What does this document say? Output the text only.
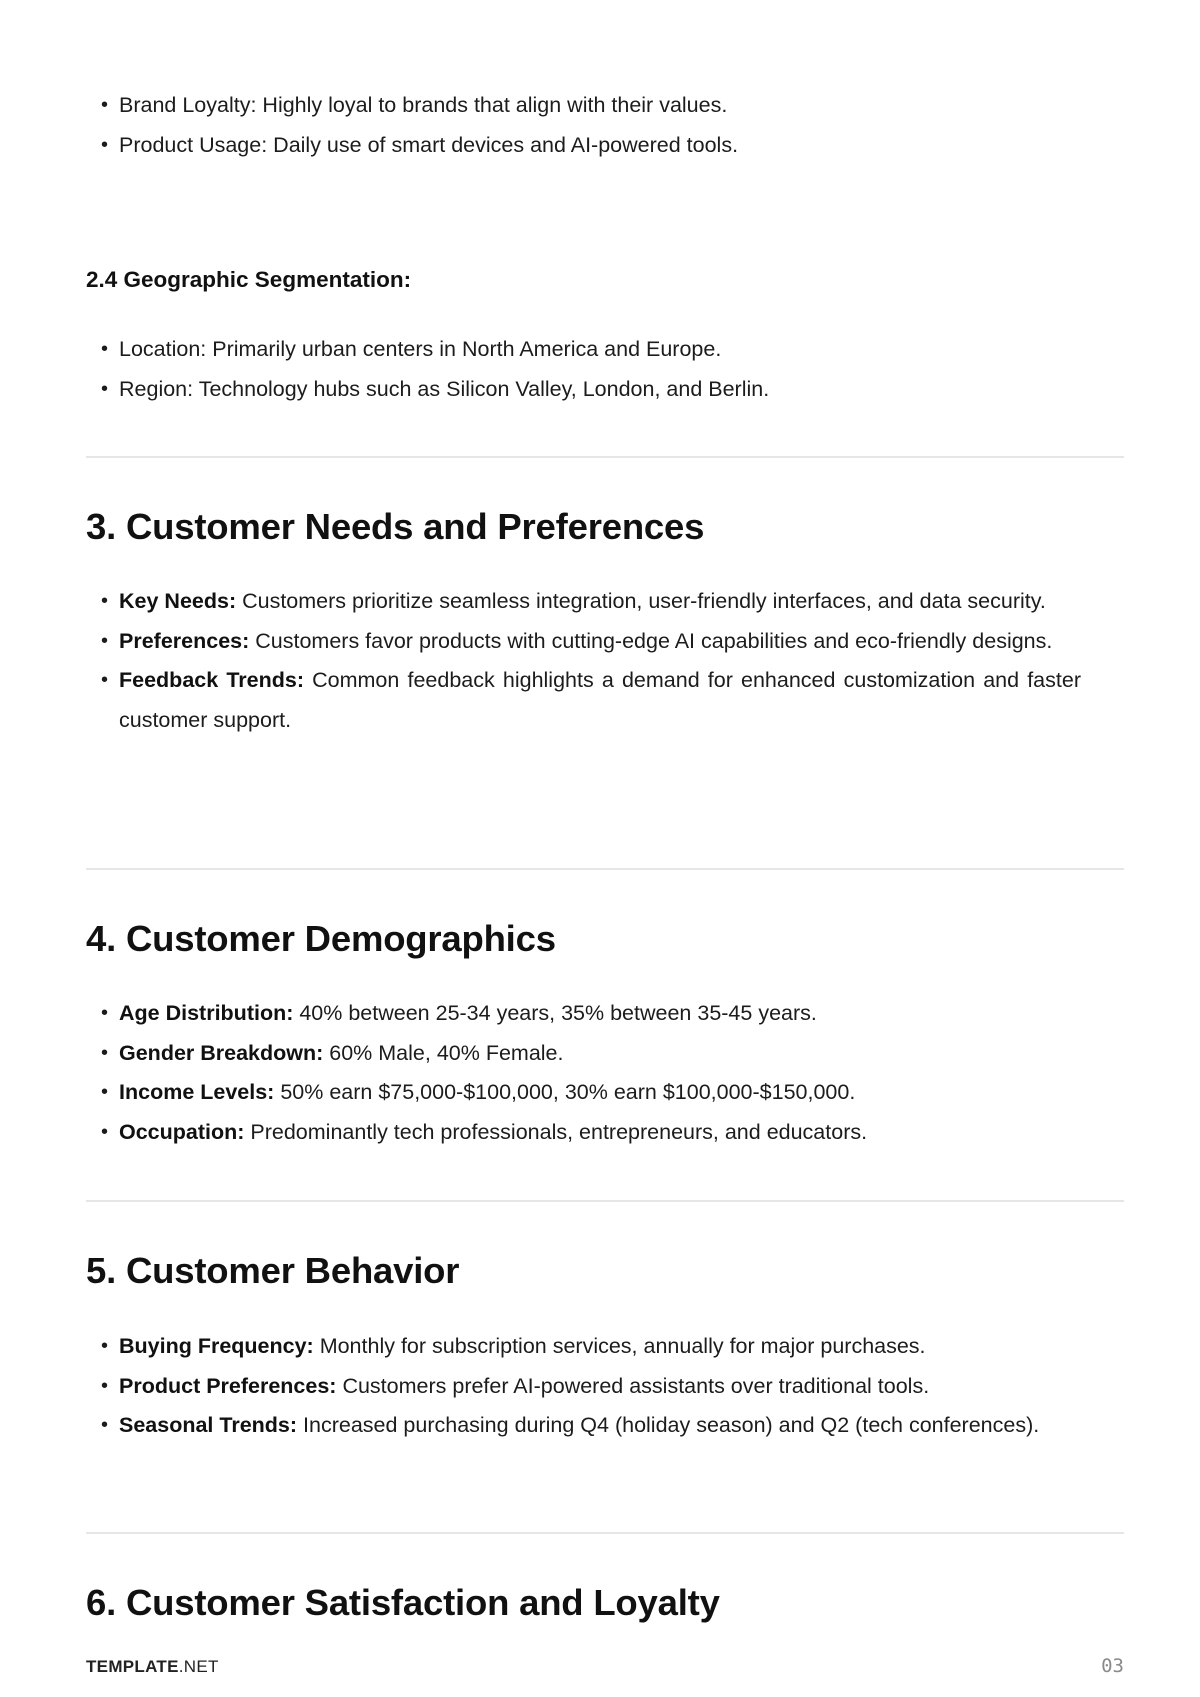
• Brand Loyalty: Highly loyal to brands that align with their values.
• Product Usage: Daily use of smart devices and AI-powered tools.

2.4 Geographic Segmentation:

• Location: Primarily urban centers in North America and Europe.
• Region: Technology hubs such as Silicon Valley, London, and Berlin.
3. Customer Needs and Preferences
• Key Needs: Customers prioritize seamless integration, user-friendly interfaces, and data security.
• Preferences: Customers favor products with cutting-edge AI capabilities and eco-friendly designs.
• Feedback Trends: Common feedback highlights a demand for enhanced customization and faster customer support.
4. Customer Demographics
• Age Distribution: 40% between 25-34 years, 35% between 35-45 years.
• Gender Breakdown: 60% Male, 40% Female.
• Income Levels: 50% earn $75,000-$100,000, 30% earn $100,000-$150,000.
• Occupation: Predominantly tech professionals, entrepreneurs, and educators.
5. Customer Behavior
• Buying Frequency: Monthly for subscription services, annually for major purchases.
• Product Preferences: Customers prefer AI-powered assistants over traditional tools.
• Seasonal Trends: Increased purchasing during Q4 (holiday season) and Q2 (tech conferences).
6. Customer Satisfaction and Loyalty
TEMPLATE.NET	03
